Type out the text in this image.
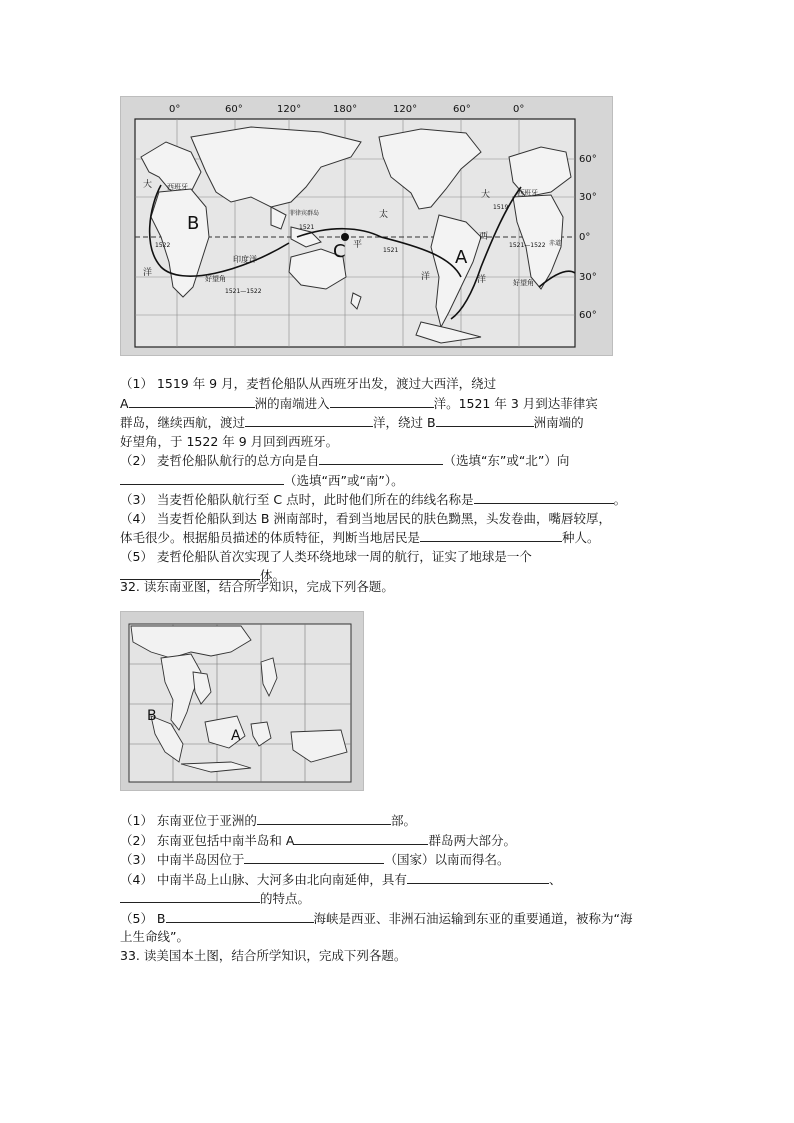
0°	60°	120°	180°	120°	60°	0°
60°
30°
0°
30°
60°
B
C	A
大
洋
印度洋
太
平
洋
大
西
洋
西班牙
西班牙
好望角	好望角
菲律宾群岛
赤道
1521
1521
1522
1519
1521—1522
1521—1522
（1） 1519 年 9 月，麦哲伦船队从西班牙出发，渡过大西洋，绕过
A	洲的南端进入	洋。1521 年 3 月到达菲律宾
群岛，继续西航，渡过	洋，绕过 B	洲南端的
好望角，于 1522 年 9 月回到西班牙。
（2） 麦哲伦船队航行的总方向是自	（选填“东”或“北”）向
（选填“西”或“南”）。
（3） 当麦哲伦船队航行至 C 点时，此时他们所在的纬线名称是	。
（4） 当麦哲伦船队到达 B 洲南部时，看到当地居民的肤色黝黑，头发卷曲，嘴唇较厚，
体毛很少。根据船员描述的体质特征，判断当地居民是	种人。
（5） 麦哲伦船队首次实现了人类环绕地球一周的航行，证实了地球是一个
体。
32. 读东南亚图，结合所学知识，完成下列各题。
B
A
（1） 东南亚位于亚洲的	部。
（2） 东南亚包括中南半岛和 A	群岛两大部分。
（3） 中南半岛因位于	（国家）以南而得名。
（4） 中南半岛上山脉、大河多由北向南延伸，具有	、
的特点。
（5） B	海峡是西亚、非洲石油运输到东亚的重要通道，被称为“海
上生命线”。
33. 读美国本土图，结合所学知识，完成下列各题。
